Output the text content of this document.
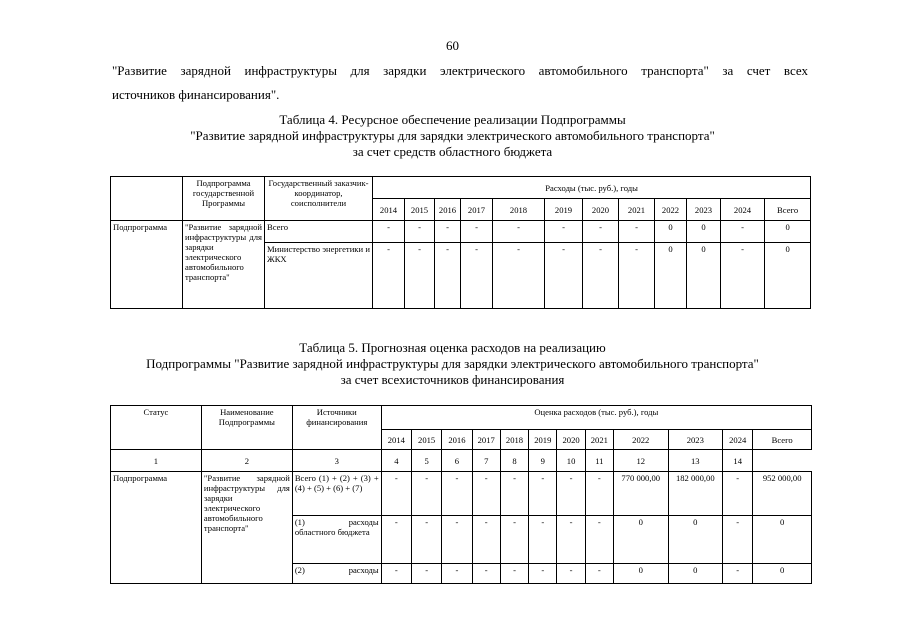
60
"Развитие зарядной инфраструктуры для зарядки электрического автомобильного транспорта" за счет всех
источников финансирования".
Таблица 4. Ресурсное обеспечение реализации Подпрограммы
"Развитие зарядной инфраструктуры для зарядки электрического автомобильного транспорта"
за счет средств областного бюджета
	Подпрограмма государственной Программы	Государственный заказчик-координатор, соисполнители	Расходы (тыс. руб.), годы											
			2014	2015	2016	2017	2018	2019	2020	2021	2022	2023	2024	Всего
Подпрограмма	"Развитие зарядной инфраструктуры для зарядки электрического автомобильного транспорта"	Всего	-	-	-	-	-	-	-	-	0	0	-	0
		Министерство энергетики и ЖКХ	-	-	-	-	-	-	-	-	0	0	-	0
Таблица 5. Прогнозная оценка расходов на реализацию
Подпрограммы "Развитие зарядной инфраструктуры для зарядки электрического автомобильного транспорта"
за счет всехисточников финансирования
Статус	Наименование Подпрограммы	Источники финансирования	Оценка расходов (тыс. руб.), годы											
			2014	2015	2016	2017	2018	2019	2020	2021	2022	2023	2024	Всего
1	2	3	4	5	6	7	8	9	10	11	12	13	14	
Подпрограмма	"Развитие зарядной инфраструктуры для зарядки электрического автомобильного транспорта"	Всего (1) + (2) + (3) + (4) + (5) + (6) + (7)	-	-	-	-	-	-	-	-	770 000,00	182 000,00	-	952 000,00
		(1) расходы областного бюджета	-	-	-	-	-	-	-	-	0	0	-	0
		(2) расходы	-	-	-	-	-	-	-	-	0	0	-	0
